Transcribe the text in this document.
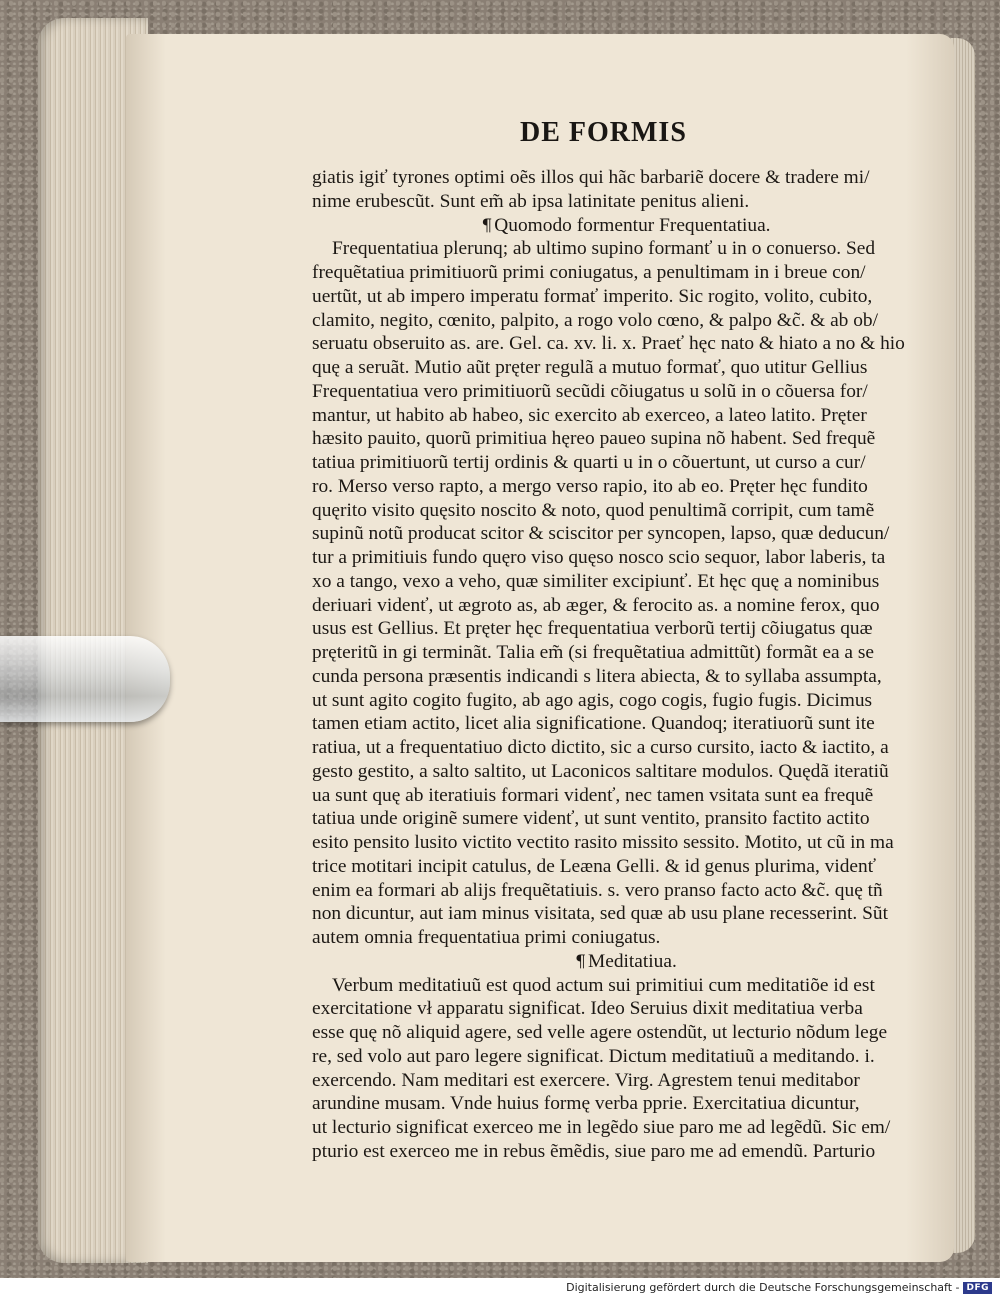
DE FORMIS
giatis igiť tyrones optimi oẽs illos qui hãc barbariẽ docere & tradere mi/
nime erubescũt. Sunt em̃ ab ipsa latinitate penitus alieni.
¶ Quomodo formentur Frequentatiua.
Frequentatiua plerunq; ab ultimo supino formanť u in o conuerso. Sed
frequẽtatiua primitiuorũ primi coniugatus, a penultimam in i breue con/
uertũt, ut ab impero imperatu formať imperito. Sic rogito, volito, cubito,
clamito, negito, cœnito, palpito, a rogo volo cœno, & palpo &c̃. & ab ob/
seruatu obseruito as. are. Gel. ca. xv. li. x. Praeť hęc nato & hiato a no & hio
quę a seruãt. Mutio aũt pręter regulã a mutuo formať, quo utitur Gellius
Frequentatiua vero primitiuorũ secũdi cõiugatus u solũ in o cõuersa for/
mantur, ut habito ab habeo, sic exercito ab exerceo, a lateo latito. Pręter
hæsito pauito, quorũ primitiua hęreo paueo supina nõ habent. Sed frequẽ
tatiua primitiuorũ tertij ordinis & quarti u in o cõuertunt, ut curso a cur/
ro. Merso verso rapto, a mergo verso rapio, ito ab eo. Pręter hęc fundito
quęrito visito quęsito noscito & noto, quod penultimã corripit, cum tamẽ
supinũ notũ producat scitor & sciscitor per syncopen, lapso, quæ deducun/
tur a primitiuis fundo quęro viso quęso nosco scio sequor, labor laberis, ta
xo a tango, vexo a veho, quæ similiter excipiunť. Et hęc quę a nominibus
deriuari videnť, ut ægroto as, ab æger, & ferocito as. a nomine ferox, quo
usus est Gellius. Et pręter hęc frequentatiua verborũ tertij cõiugatus quæ
pręteritũ in gi terminãt. Talia em̃ (si frequẽtatiua admittũt) formãt ea a se
cunda persona præsentis indicandi s litera abiecta, & to syllaba assumpta,
ut sunt agito cogito fugito, ab ago agis, cogo cogis, fugio fugis. Dicimus
tamen etiam actito, licet alia significatione. Quandoq; iteratiuorũ sunt ite
ratiua, ut a frequentatiuo dicto dictito, sic a curso cursito, iacto & iactito, a
gesto gestito, a salto saltito, ut Laconicos saltitare modulos. Quędã iteratiũ
ua sunt quę ab iteratiuis formari videnť, nec tamen vsitata sunt ea frequẽ
tatiua unde originẽ sumere videnť, ut sunt ventito, pransito factito actito
esito pensito lusito victito vectito rasito missito sessito. Motito, ut cũ in ma
trice motitari incipit catulus, de Leæna Gelli. & id genus plurima, videnť
enim ea formari ab alijs frequẽtatiuis. s. vero pranso facto acto &c̃. quę tñ
non dicuntur, aut iam minus visitata, sed quæ ab usu plane recesserint. Sũt
autem omnia frequentatiua primi coniugatus.
¶ Meditatiua.
Verbum meditatiuũ est quod actum sui primitiui cum meditatiõe id est
exercitatione vł apparatu significat. Ideo Seruius dixit meditatiua verba
esse quę nõ aliquid agere, sed velle agere ostendũt, ut lecturio nõdum lege
re, sed volo aut paro legere significat. Dictum meditatiuũ a meditando. i.
exercendo. Nam meditari est exercere. Virg. Agrestem tenui meditabor
arundine musam. Vnde huius formę verba pprie. Exercitatiua dicuntur,
ut lecturio significat exerceo me in legẽdo siue paro me ad legẽdũ. Sic em/
pturio est exerceo me in rebus ẽmẽdis, siue paro me ad emendũ. Parturio
Digitalisierung gefördert durch die Deutsche Forschungsgemeinschaft - DFG
